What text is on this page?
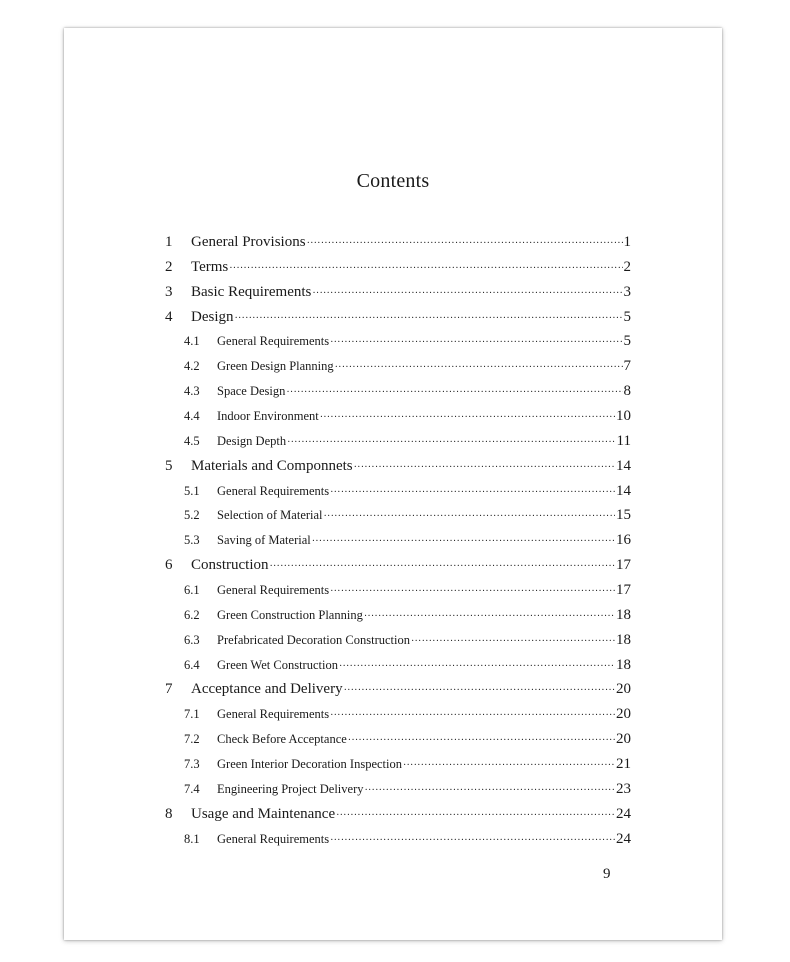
Contents
1	General Provisions ·····	1
2	Terms ·····	2
3	Basic Requirements ·····	3
4	Design ·····	5
4.1	General Requirements ·····	5
4.2	Green Design Planning ·····	7
4.3	Space Design ·····	8
4.4	Indoor Environment ·····	10
4.5	Design Depth ·····	11
5	Materials and Componnets ·····	14
5.1	General Requirements ·····	14
5.2	Selection of Material ·····	15
5.3	Saving of Material ·····	16
6	Construction ·····	17
6.1	General Requirements ·····	17
6.2	Green Construction Planning ·····	18
6.3	Prefabricated Decoration Construction ·····	18
6.4	Green Wet Construction ·····	18
7	Acceptance and Delivery ·····	20
7.1	General Requirements ·····	20
7.2	Check Before Acceptance ·····	20
7.3	Green Interior Decoration Inspection ·····	21
7.4	Engineering Project Delivery ·····	23
8	Usage and Maintenance ·····	24
8.1	General Requirements ·····	24
9
